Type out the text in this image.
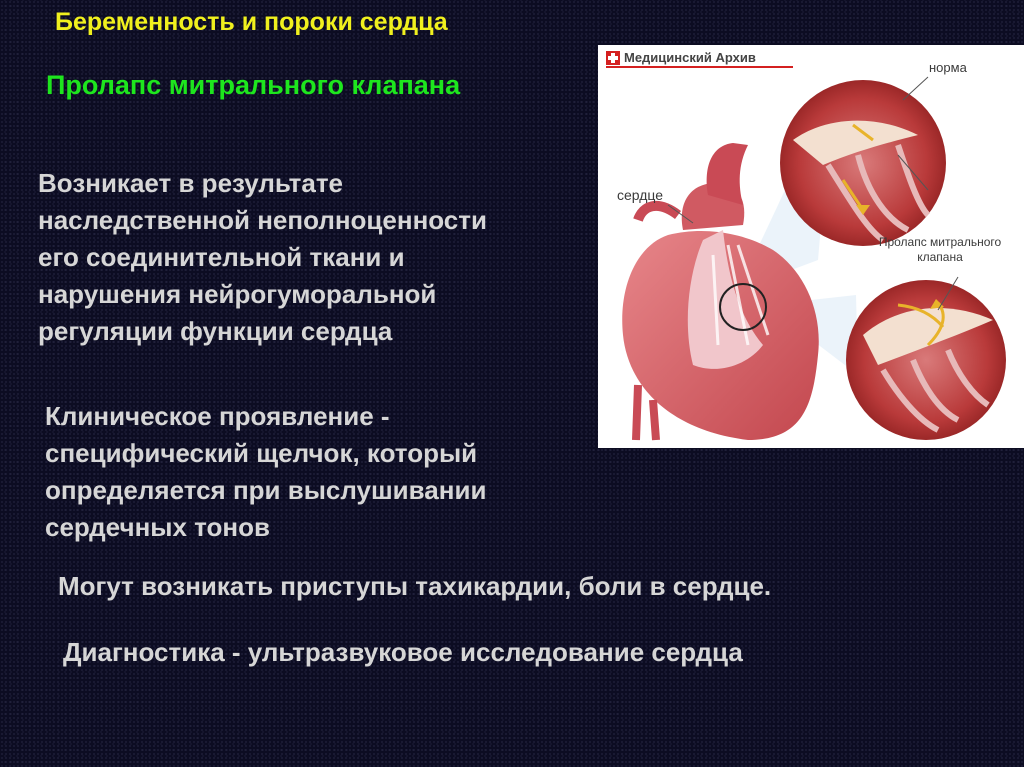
Беременность и пороки сердца

Пролапс митрального клапана

Возникает в результате
наследственной неполноценности
его соединительной ткани и
нарушения нейрогуморальной
регуляции функции сердца
Клиническое проявление -
специфический щелчок, который
определяется при выслушивании
сердечных тонов

Могут возникать приступы тахикардии, боли в сердце.

Диагностика - ультразвуковое исследование сердца

Медицинский Архив
норма
сердце
Пролапс митрального клапана
